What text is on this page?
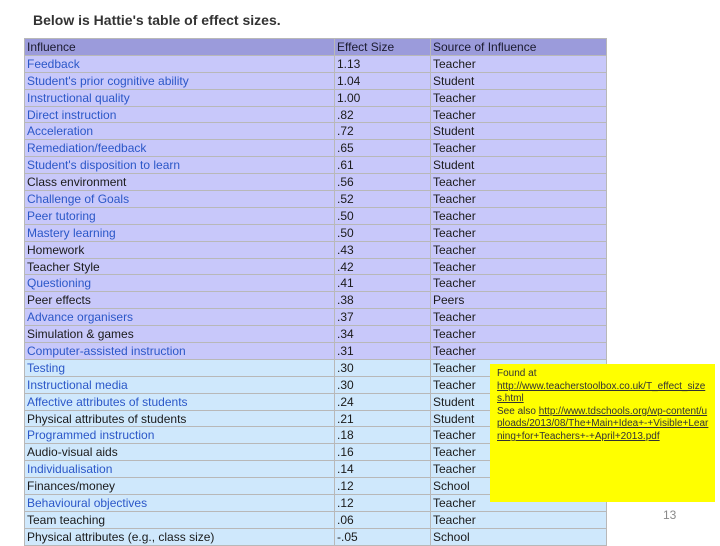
Below is Hattie's table of effect sizes.
Influence	Effect Size	Source of Influence
Feedback	1.13	Teacher
Student's prior cognitive ability	1.04	Student
Instructional quality	1.00	Teacher
Direct instruction	.82	Teacher
Acceleration	.72	Student
Remediation/feedback	.65	Teacher
Student's disposition to learn	.61	Student
Class environment	.56	Teacher
Challenge of Goals	.52	Teacher
Peer tutoring	.50	Teacher
Mastery learning	.50	Teacher
Homework	.43	Teacher
Teacher Style	.42	Teacher
Questioning	.41	Teacher
Peer effects	.38	Peers
Advance organisers	.37	Teacher
Simulation & games	.34	Teacher
Computer-assisted instruction	.31	Teacher
Testing	.30	Teacher
Instructional media	.30	Teacher
Affective attributes of students	.24	Student
Physical attributes of students	.21	Student
Programmed instruction	.18	Teacher
Audio-visual aids	.16	Teacher
Individualisation	.14	Teacher
Finances/money	.12	School
Behavioural objectives	.12	Teacher
Team teaching	.06	Teacher
Physical attributes (e.g., class size)	-.05	School
Found at
http://www.teacherstoolbox.co.uk/T_effect_sizes.html
See also http://www.tdschools.org/wp-content/uploads/2013/08/The+Main+Idea+-+Visible+Learning+for+Teachers+-+April+2013.pdf
13
